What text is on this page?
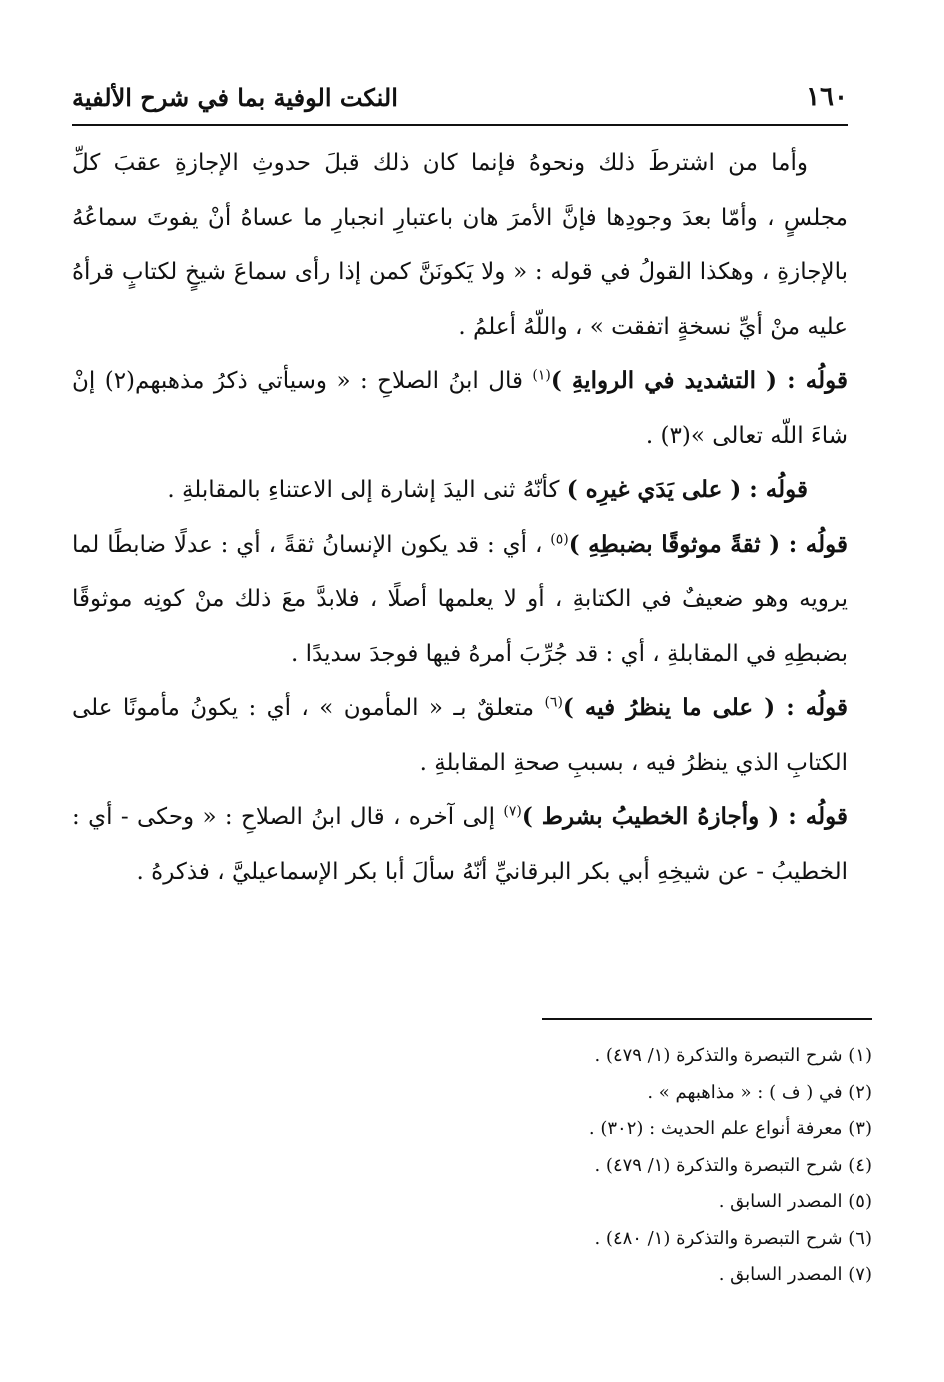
١٦٠
النكت الوفية بما في شرح الألفية

وأما من اشترطَ ذلك ونحوهُ فإنما كان ذلك قبلَ حدوثِ الإجازةِ عقبَ كلِّ مجلسٍ ، وأمّا بعدَ وجودِها فإنَّ الأمرَ هان باعتبارِ انجبارِ ما عساهُ أنْ يفوتَ سماعُهُ بالإجازةِ ، وهكذا القولُ في قوله : « ولا يَكونَنَّ كمن إذا رأى سماعَ شيخٍ لكتابٍ قرأهُ عليه منْ أيِّ نسخةٍ اتفقت » ، واللّهُ أعلمُ .

قولُه : ( التشديد في الروايةِ )$^{(١)}$ قال ابنُ الصلاحِ : « وسيأتي ذكرُ مذهبهم(٢) إنْ شاءَ اللّه تعالى »(٣) .

قولُه : ( على يَدَي غيرِه ) كأنّهُ ثنى اليدَ إشارة إلى الاعتناءِ بالمقابلةِ .

قولُه : ( ثقةً موثوقًا بضبطِهِ )$^{(٥)}$ ، أي : قد يكون الإنسانُ ثقةً ، أي : عدلًا ضابطًا لما يرويه وهو ضعيفٌ في الكتابةِ ، أو لا يعلمها أصلًا ، فلابدَّ معَ ذلك منْ كونِه موثوقًا بضبطِهِ في المقابلةِ ، أي : قد جُرِّبَ أمرهُ فيها فوجدَ سديدًا .

قولُه : ( على ما ينظرُ فيه )$^{(٦)}$ متعلقٌ بـ « المأمون » ، أي : يكونُ مأمونًا على الكتابِ الذي ينظرُ فيه ، بسببِ صحةِ المقابلةِ .

قولُه : ( وأجازهُ الخطيبُ بشرط )$^{(٧)}$ إلى آخره ، قال ابنُ الصلاحِ : « وحكى - أي : الخطيبُ - عن شيخِهِ أبي بكر البرقانيِّ أنّهُ سألَ أبا بكر الإسماعيليَّ ، فذكرهُ .

(١) شرح التبصرة والتذكرة (١/ ٤٧٩) .
(٢) في ( ف ) : « مذاهبهم » .
(٣) معرفة أنواع علم الحديث : (٣٠٢) .
(٤) شرح التبصرة والتذكرة (١/ ٤٧٩) .
(٥) المصدر السابق .
(٦) شرح التبصرة والتذكرة (١/ ٤٨٠) .
(٧) المصدر السابق .
